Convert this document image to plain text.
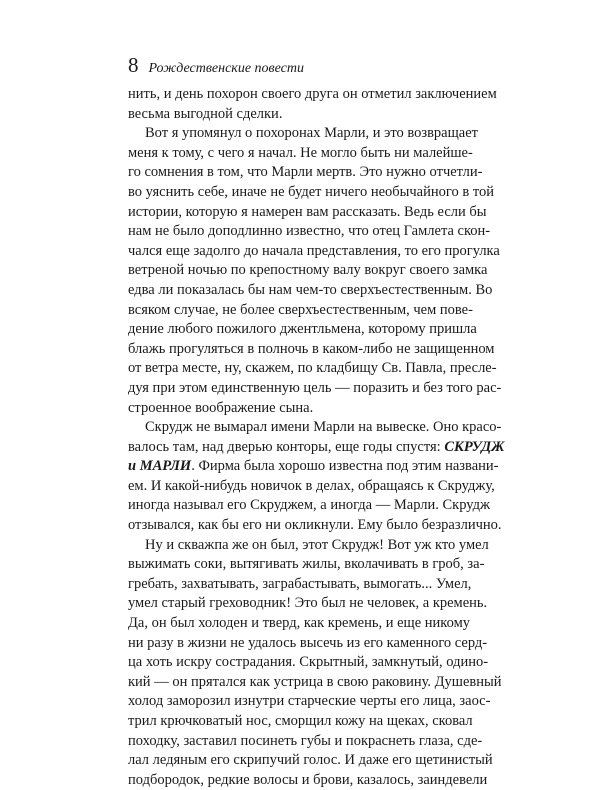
8 Рождественские повести
нить, и день похорон своего друга он отметил заключением
весьма выгодной сделки.
Вот я упомянул о похоронах Марли, и это возвращает
меня к тому, с чего я начал. Не могло быть ни малейше-
го сомнения в том, что Марли мертв. Это нужно отчетли-
во уяснить себе, иначе не будет ничего необычайного в той
истории, которую я намерен вам рассказать. Ведь если бы
нам не было доподлинно известно, что отец Гамлета скон-
чался еще задолго до начала представления, то его прогулка
ветреной ночью по крепостному валу вокруг своего замка
едва ли показалась бы нам чем-то сверхъестественным. Во
всяком случае, не более сверхъестественным, чем пове-
дение любого пожилого джентльмена, которому пришла
блажь прогуляться в полночь в каком-либо не защищенном
от ветра месте, ну, скажем, по кладбищу Св. Павла, пресле-
дуя при этом единственную цель — поразить и без того рас-
строенное воображение сына.
Скрудж не вымарал имени Марли на вывеске. Оно красо-
валось там, над дверью конторы, еще годы спустя: СКРУДЖ
и МАРЛИ. Фирма была хорошо известна под этим названи-
ем. И какой-нибудь новичок в делах, обращаясь к Скруджу,
иногда называл его Скруджем, а иногда — Марли. Скрудж
отзывался, как бы его ни окликнули. Ему было безразлично.
Ну и скважпа же он был, этот Скрудж! Вот уж кто умел
выжимать соки, вытягивать жилы, вколачивать в гроб, за-
гребать, захватывать, заграбастывать, вымогать... Умел,
умел старый греховодник! Это был не человек, а кремень.
Да, он был холоден и тверд, как кремень, и еще никому
ни разу в жизни не удалось высечь из его каменного серд-
ца хоть искру сострадания. Скрытный, замкнутый, одино-
кий — он прятался как устрица в свою раковину. Душевный
холод заморозил изнутри старческие черты его лица, заос-
трил крючковатый нос, сморщил кожу на щеках, сковал
походку, заставил посинеть губы и покраснеть глаза, сде-
лал ледяным его скрипучий голос. И даже его щетинистый
подбородок, редкие волосы и брови, казалось, заиндевели
